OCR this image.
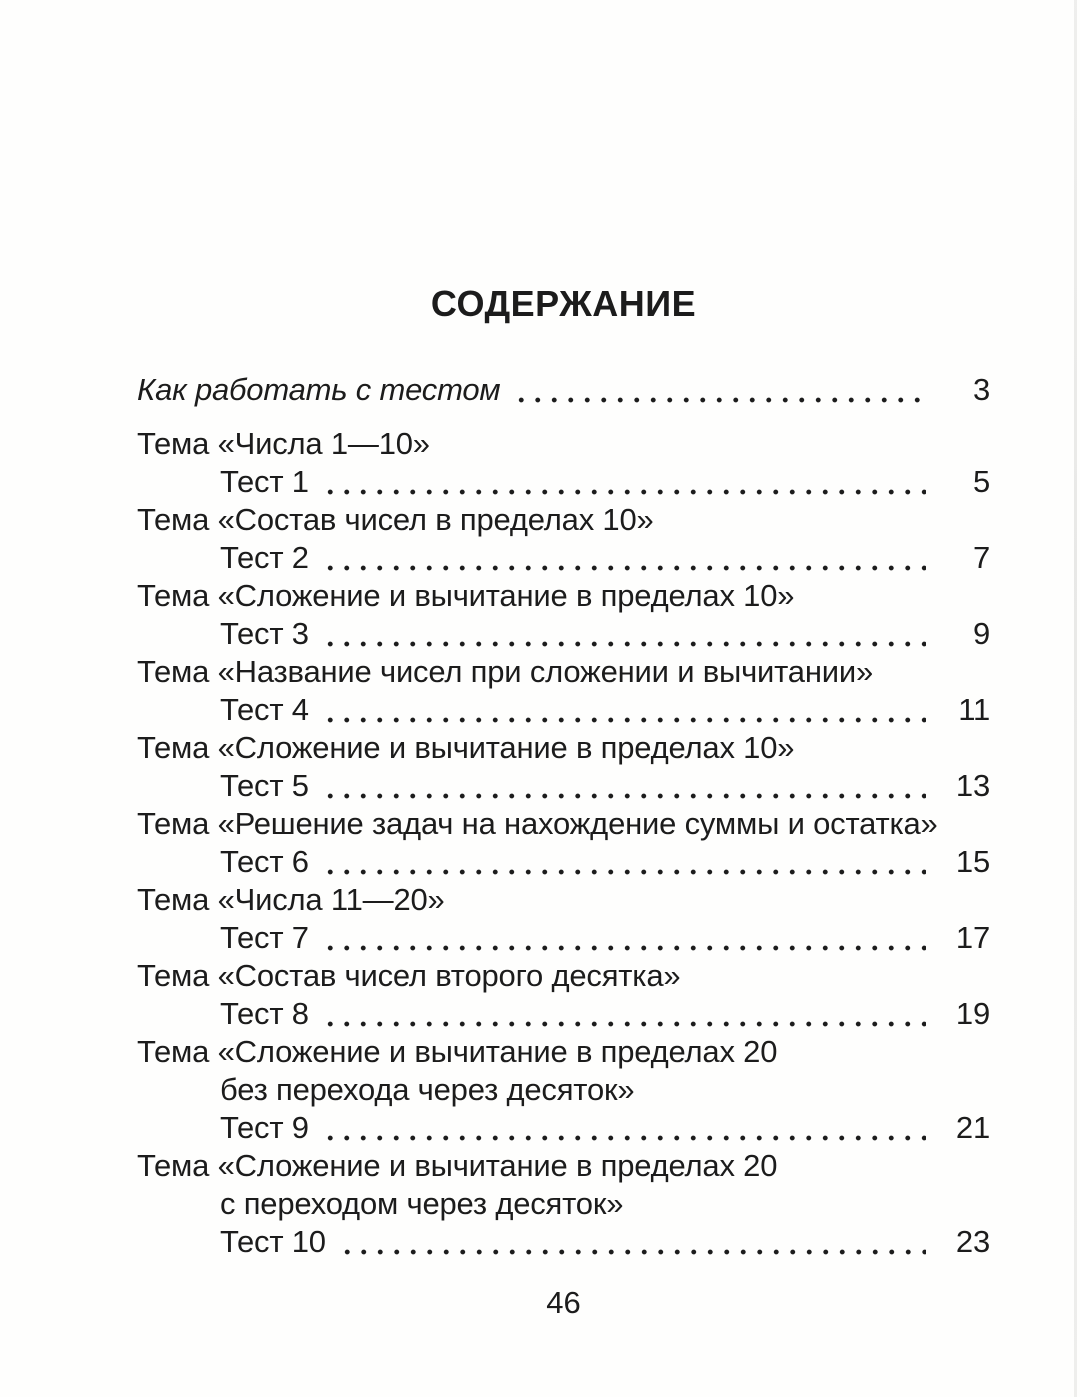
СОДЕРЖАНИЕ
Как работать с тестом	3
Тема «Числа 1—10»
Тест 1	5
Тема «Состав чисел в пределах 10»
Тест 2	7
Тема «Сложение и вычитание в пределах 10»
Тест 3	9
Тема «Название чисел при сложении и вычитании»
Тест 4	11
Тема «Сложение и вычитание в пределах 10»
Тест 5	13
Тема «Решение задач на нахождение суммы и остатка»
Тест 6	15
Тема «Числа 11—20»
Тест 7	17
Тема «Состав чисел второго десятка»
Тест 8	19
Тема «Сложение и вычитание в пределах 20
без перехода через десяток»
Тест 9	21
Тема «Сложение и вычитание в пределах 20
с переходом через десяток»
Тест 10	23
46
